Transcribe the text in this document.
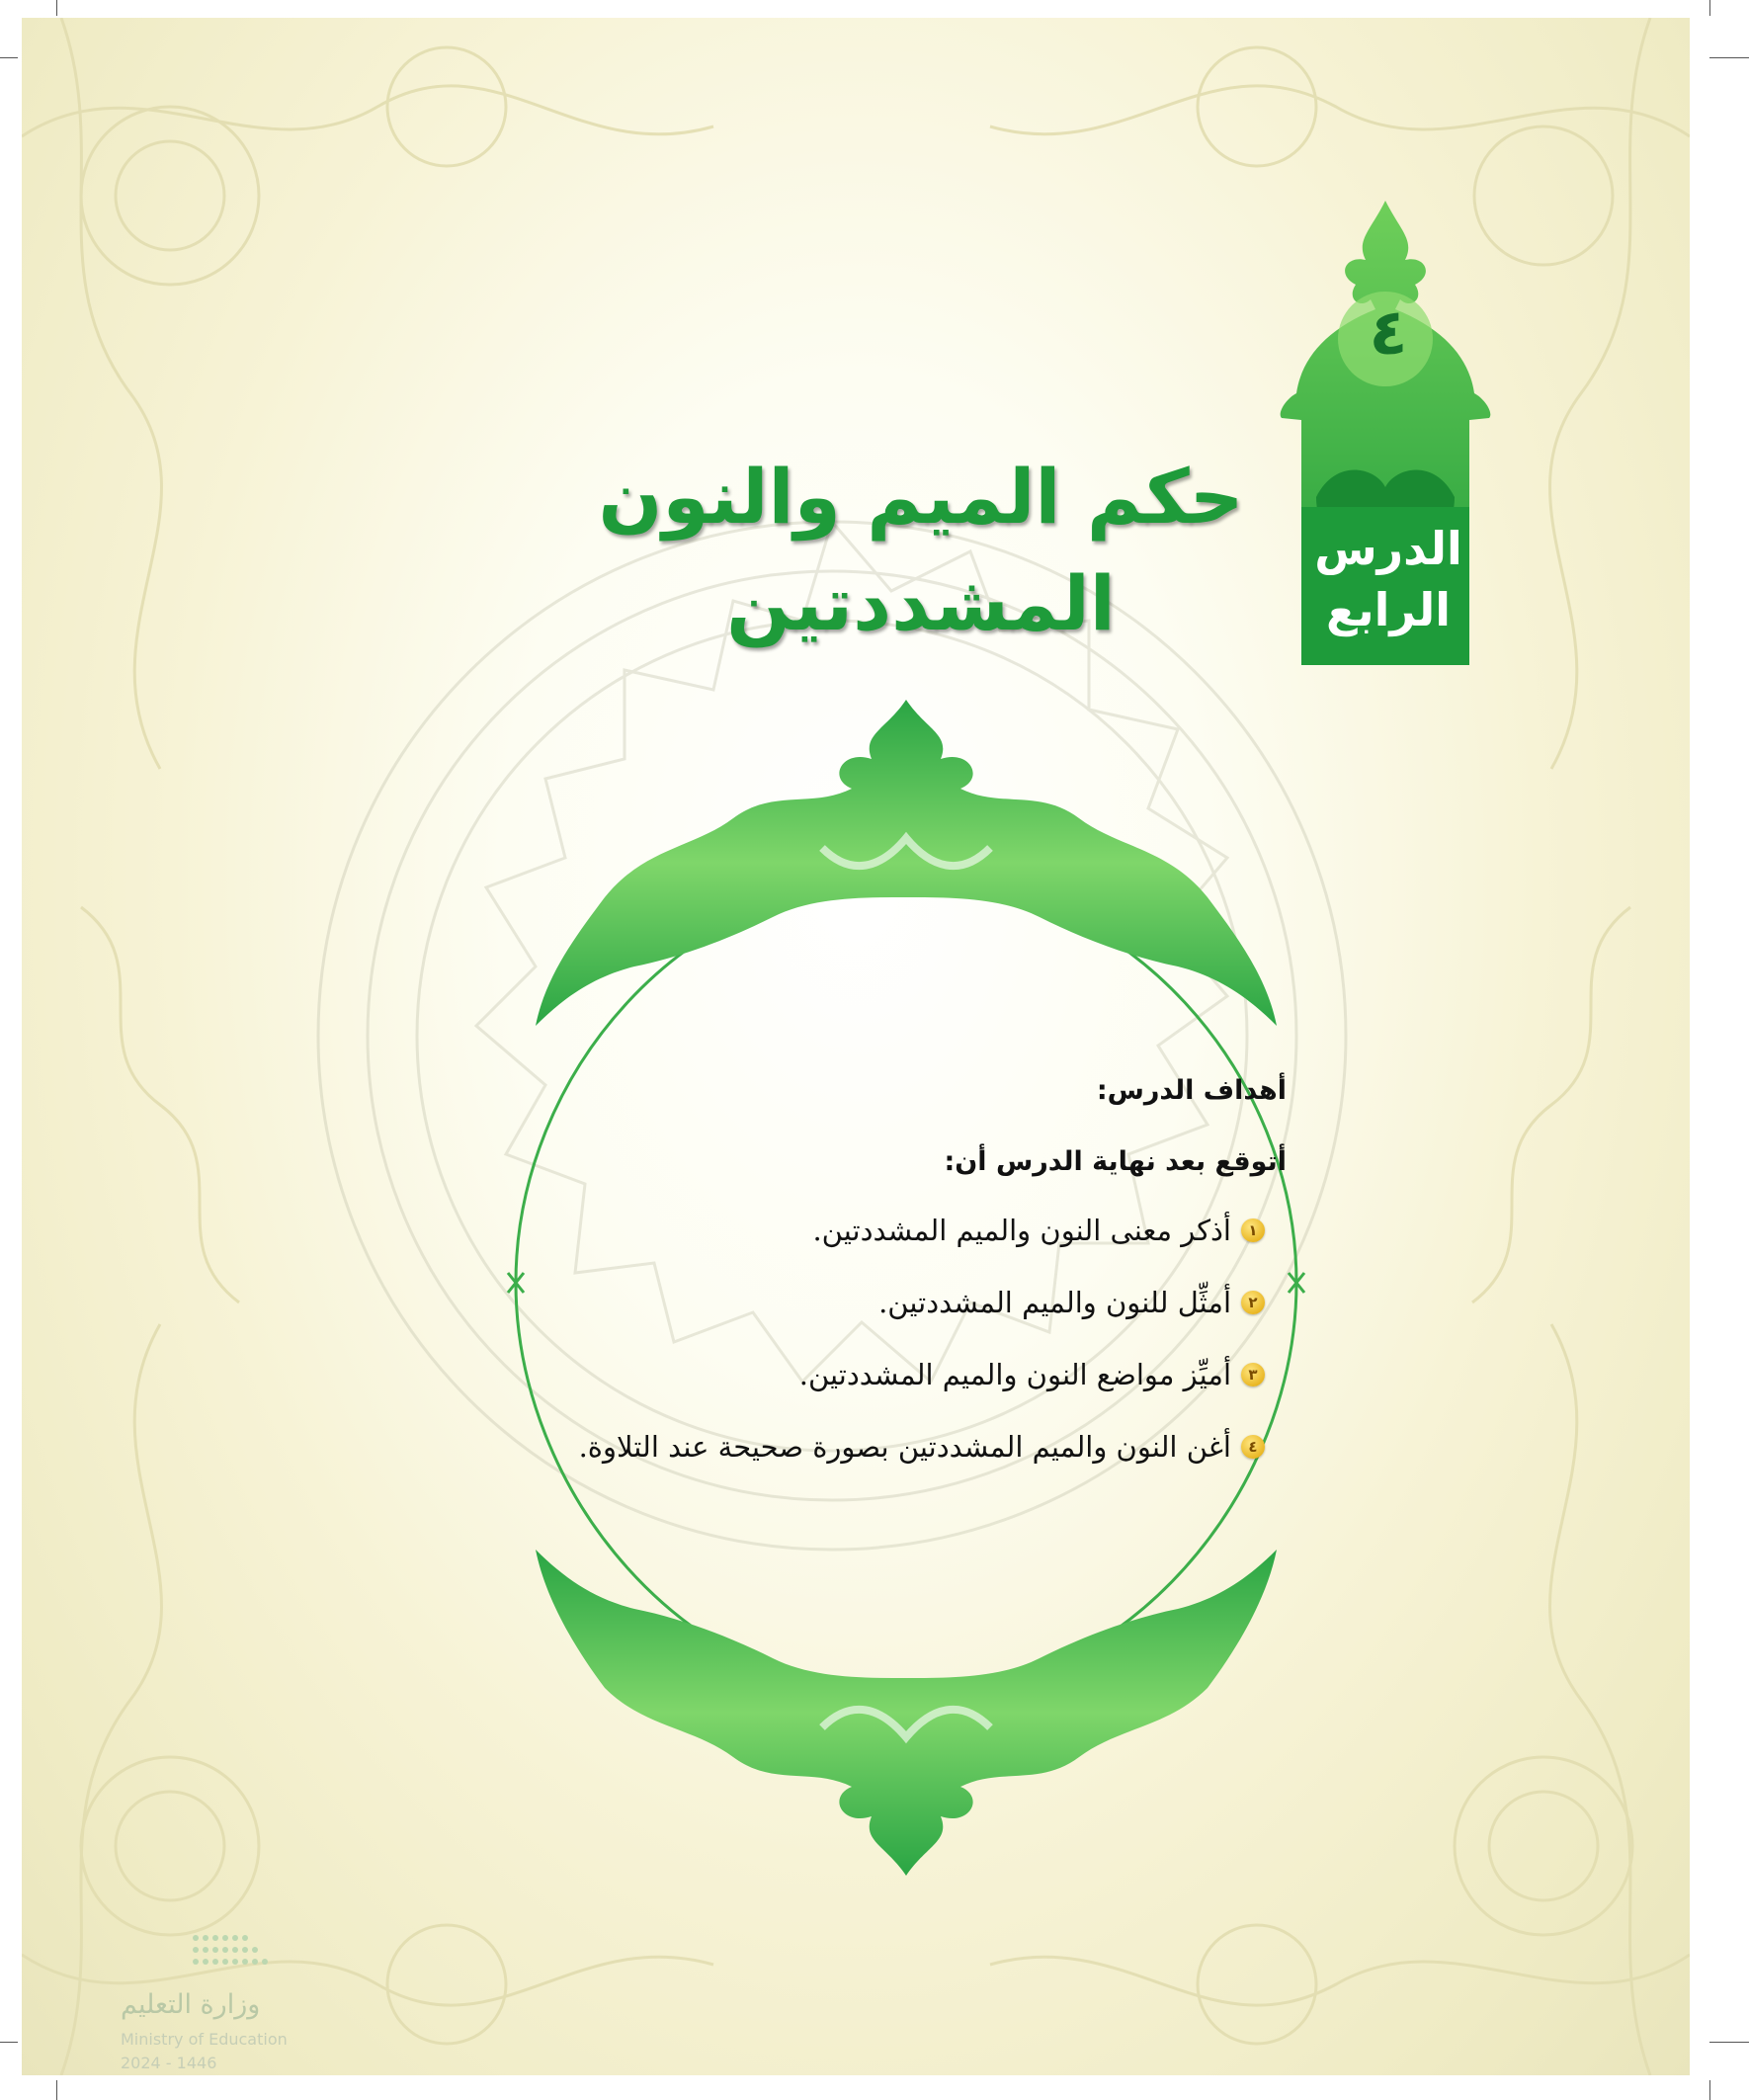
٤
الدرس
الرابع
حكم الميم والنون
المشددتين

أهداف الدرس:

أتوقع بعد نهاية الدرس أن:

١
أذكر معنى النون والميم المشددتين.
٢
أمثِّل للنون والميم المشددتين.
٣
أميِّز مواضع النون والميم المشددتين.
٤
أغن النون والميم المشددتين بصورة صحيحة عند التلاوة.
وزارة التعليم
Ministry of Education
2024 - 1446
